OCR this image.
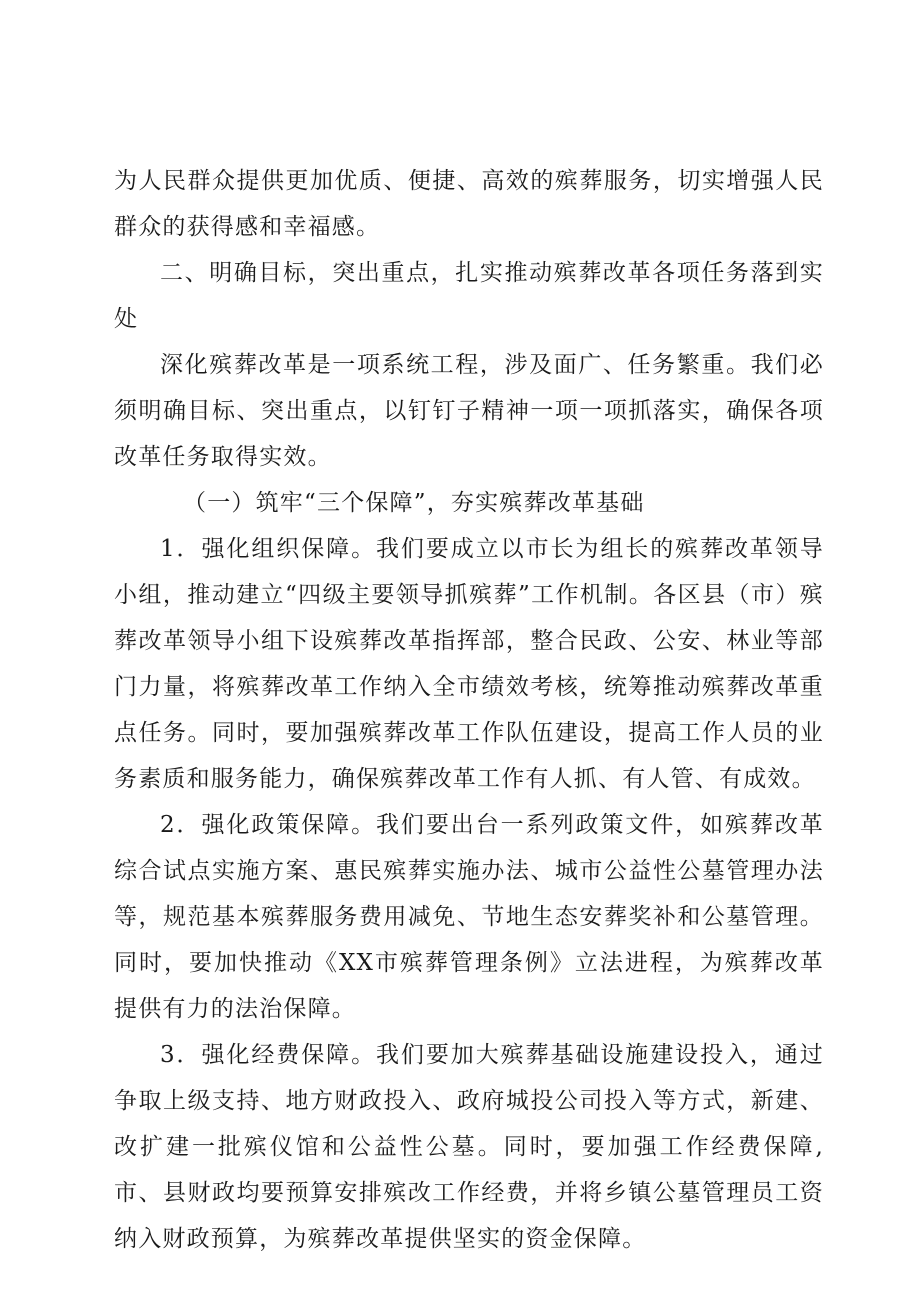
为人民群众提供更加优质、便捷、高效的殡葬服务，切实增强人民群众的获得感和幸福感。

二、明确目标，突出重点，扎实推动殡葬改革各项任务落到实处

深化殡葬改革是一项系统工程，涉及面广、任务繁重。我们必须明确目标、突出重点，以钉钉子精神一项一项抓落实，确保各项改革任务取得实效。

（一）筑牢“三个保障”，夯实殡葬改革基础

1．强化组织保障。我们要成立以市长为组长的殡葬改革领导小组，推动建立“四级主要领导抓殡葬”工作机制。各区县（市）殡葬改革领导小组下设殡葬改革指挥部，整合民政、公安、林业等部门力量，将殡葬改革工作纳入全市绩效考核，统筹推动殡葬改革重点任务。同时，要加强殡葬改革工作队伍建设，提高工作人员的业务素质和服务能力，确保殡葬改革工作有人抓、有人管、有成效。

2．强化政策保障。我们要出台一系列政策文件，如殡葬改革综合试点实施方案、惠民殡葬实施办法、城市公益性公墓管理办法等，规范基本殡葬服务费用减免、节地生态安葬奖补和公墓管理。同时，要加快推动《XX市殡葬管理条例》立法进程，为殡葬改革提供有力的法治保障。

3．强化经费保障。我们要加大殡葬基础设施建设投入，通过争取上级支持、地方财政投入、政府城投公司投入等方式，新建、改扩建一批殡仪馆和公益性公墓。同时，要加强工作经费保障,市、县财政均要预算安排殡改工作经费，并将乡镇公墓管理员工资纳入财政预算，为殡葬改革提供坚实的资金保障。
